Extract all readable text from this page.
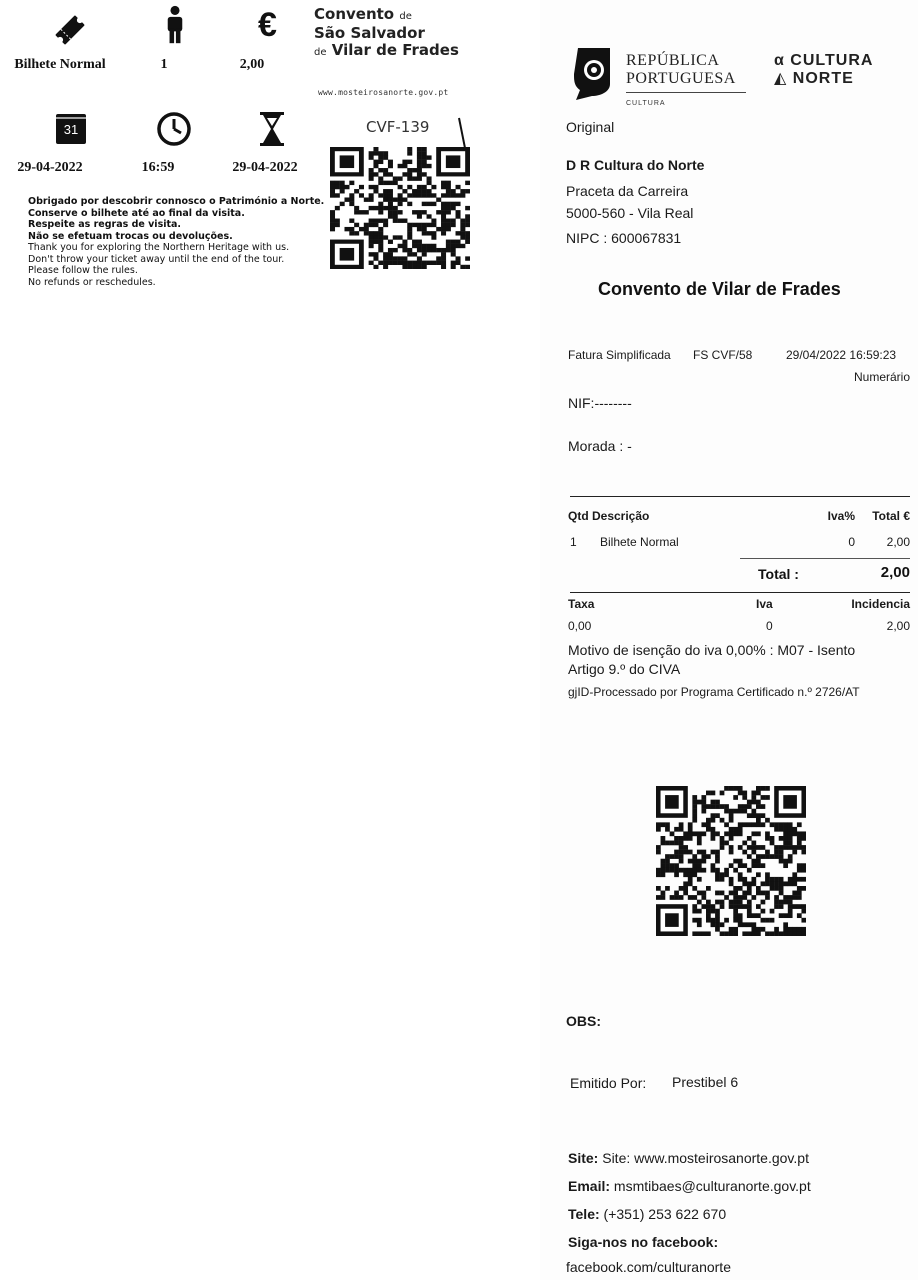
€
Bilhete Normal	1	2,00
31
29-04-2022	16:59	29-04-2022
Convento de
São Salvador
de Vilar de Frades
www.mosteirosanorte.gov.pt
CVF-139
Obrigado por descobrir connosco o Património a Norte.
Conserve o bilhete até ao final da visita.
Respeite as regras de visita.
Não se efetuam trocas ou devoluções.
Thank you for exploring the Northern Heritage with us.
Don't throw your ticket away until the end of the tour.
Please follow the rules.
No refunds or reschedules.
REPÚBLICA
PORTUGUESA
CULTURA
α CULTURA
◭ NORTE
Original
D R Cultura do Norte
Praceta da Carreira
5000-560 - Vila Real
NIPC : 600067831
Convento de Vilar de Frades
Fatura Simplificada FS CVF/58	29/04/2022 16:59:23
Numerário
NIF:--------
Morada : -
Qtd Descrição	Iva%	Total €
1 Bilhete Normal	0	2,00
Total :	2,00
Taxa	Iva	Incidencia
0,00	0	2,00
Motivo de isenção do iva 0,00% : M07 - Isento
Artigo 9.º do CIVA
gjID-Processado por Programa Certificado n.º 2726/AT
OBS:
Emitido Por: Prestibel 6
Site: Site: www.mosteirosanorte.gov.pt
Email: msmtibaes@culturanorte.gov.pt
Tele: (+351) 253 622 670
Siga-nos no facebook:
facebook.com/culturanorte
